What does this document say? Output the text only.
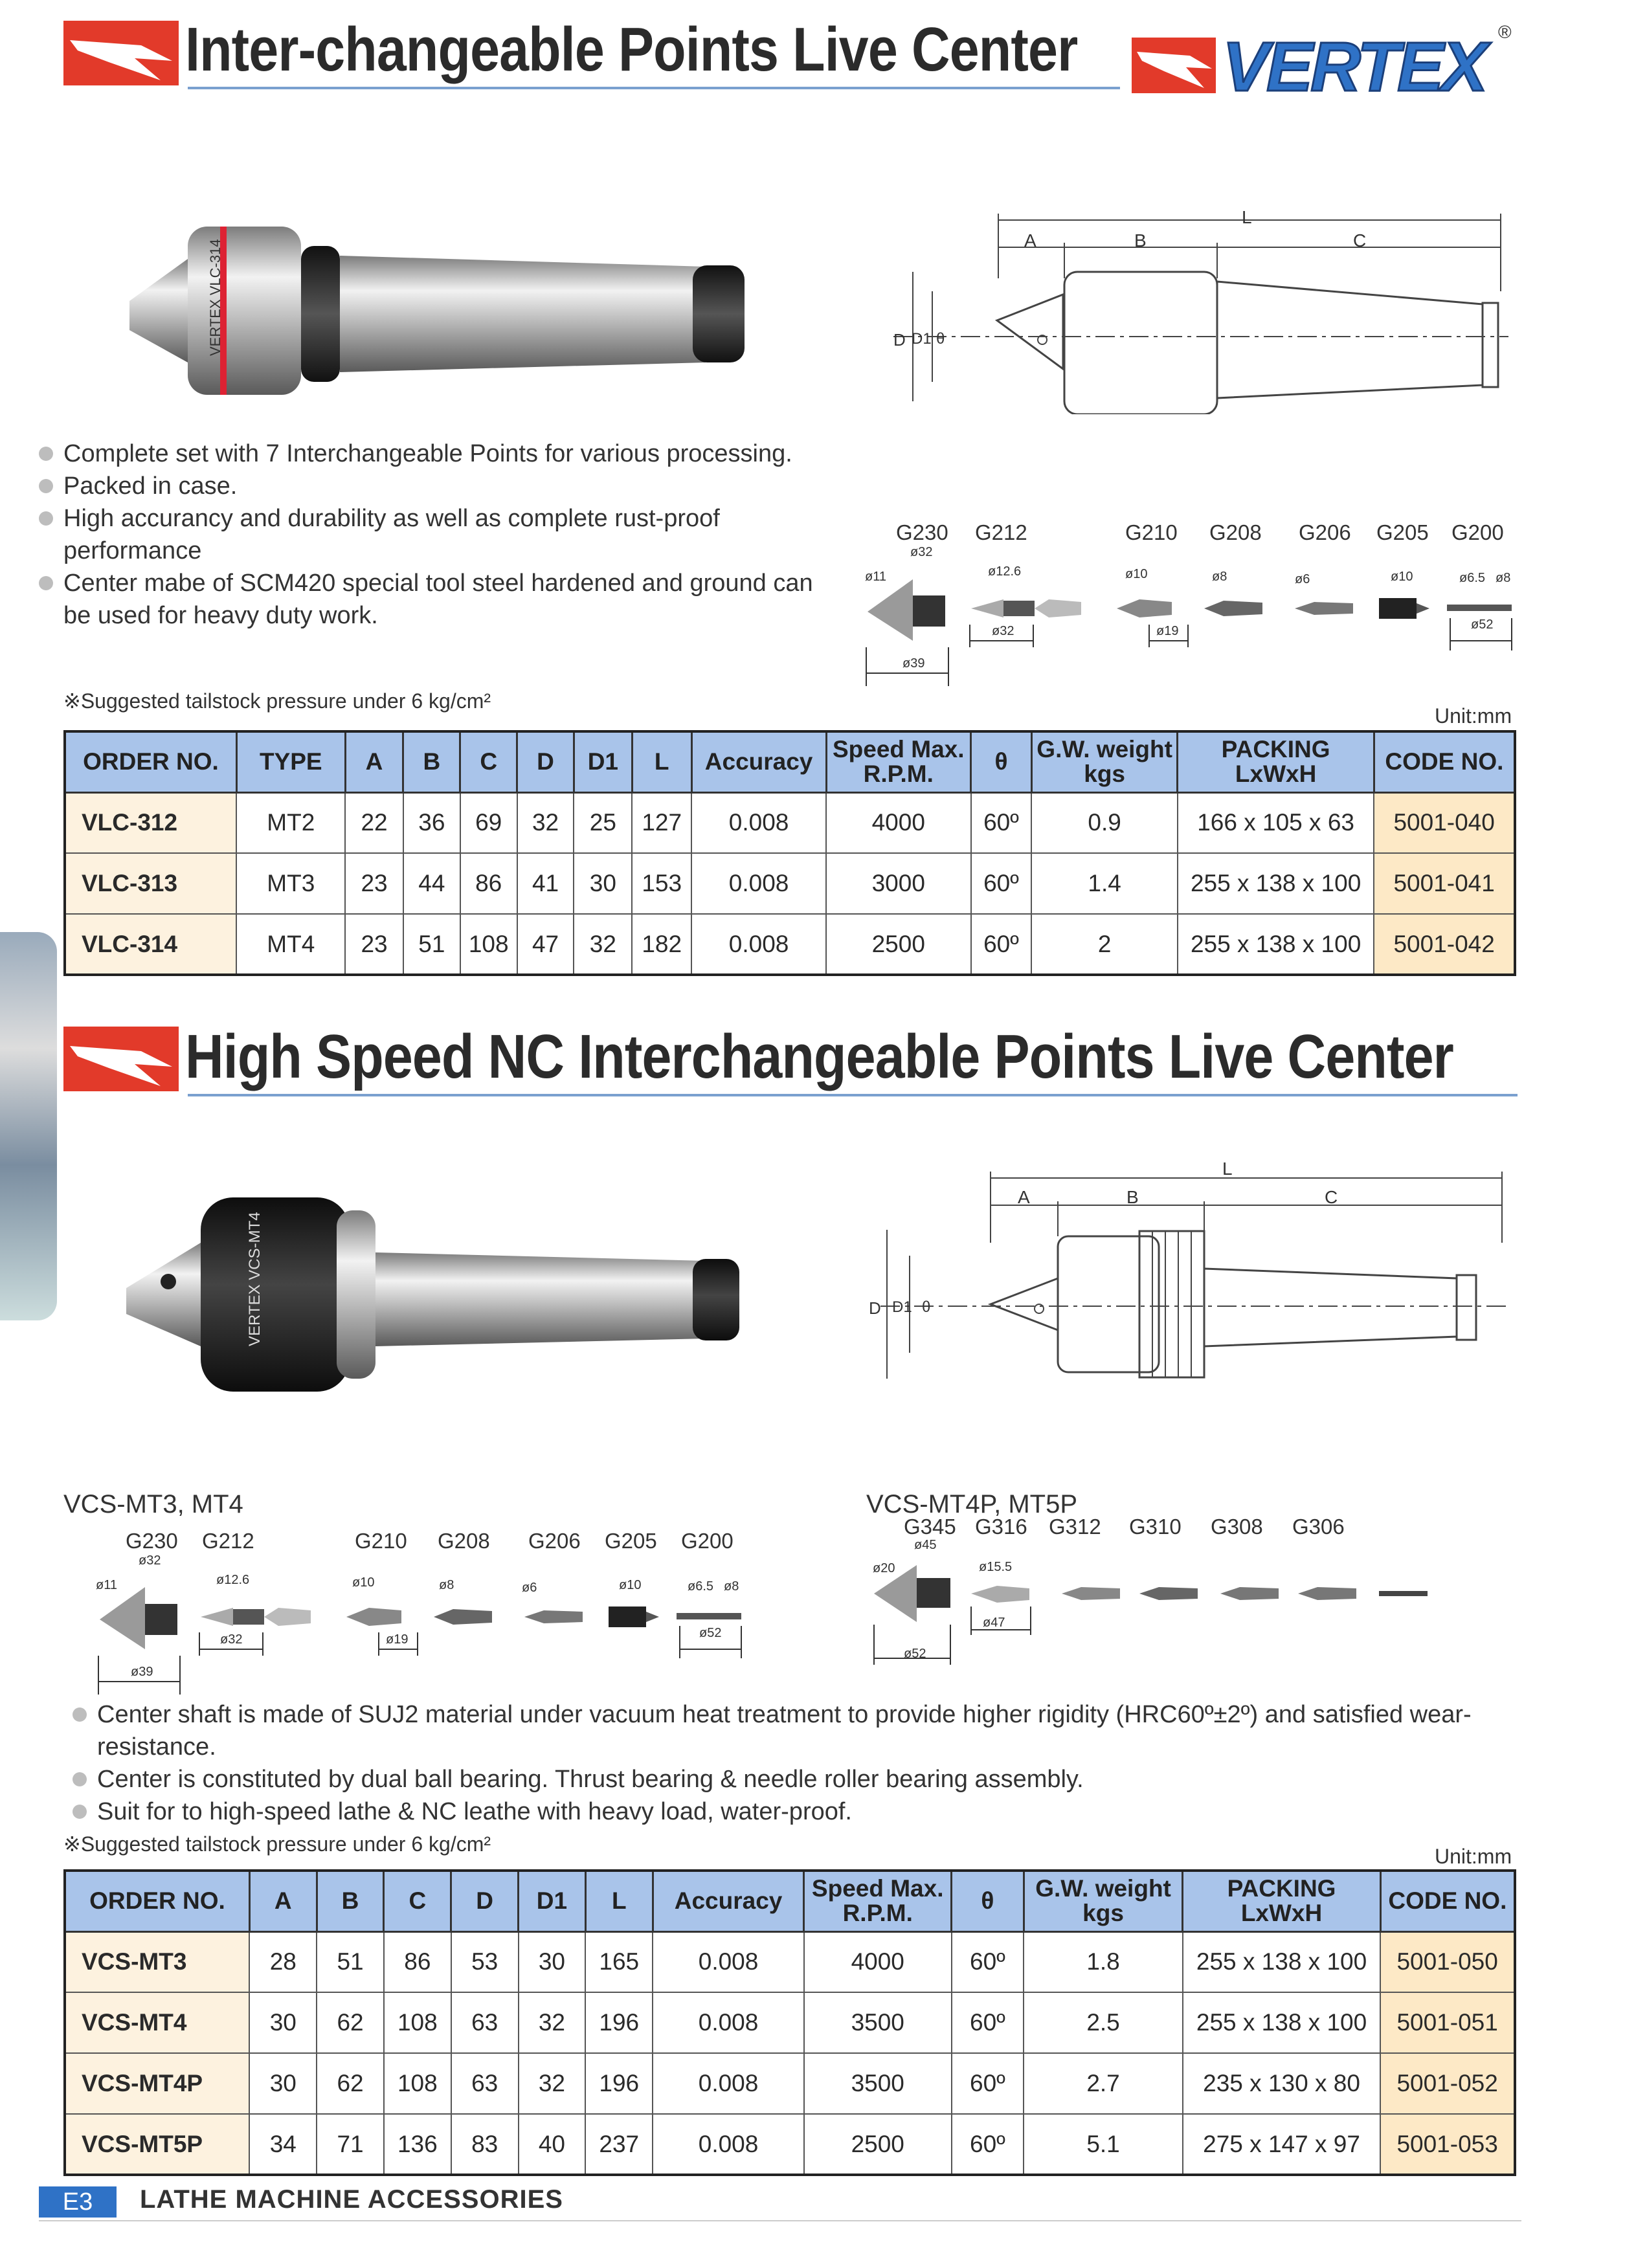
Inter-changeable Points Live Center VERTEX ®
VERTEX VLC-314
L
A	B	C
D D1 θ
Complete set with 7 Interchangeable Points for various processing.
Packed in case.
High accurancy and durability as well as complete rust-proof performance
Center mabe of SCM420 special tool steel hardened and ground can be used for heavy duty work.
※Suggested tailstock pressure under 6 kg/cm²
G230 G212	G210 G208 G206 G205 G200
ø32
ø11	ø12.6	ø10	ø8	ø6	ø10	ø6.5 ø8
ø32	ø19	ø52
ø39
Unit:mm
ORDER NO.	TYPE	A	B	C	D	D1	L	Accuracy	Speed Max. R.P.M.	θ	G.W. weight kgs	PACKING LxWxH	CODE NO.
VLC-312	MT2	22	36	69	32	25	127	0.008	4000	60º	0.9	166 x 105 x 63	5001-040
VLC-313	MT3	23	44	86	41	30	153	0.008	3000	60º	1.4	255 x 138 x 100	5001-041
VLC-314	MT4	23	51	108	47	32	182	0.008	2500	60º	2	255 x 138 x 100	5001-042
High Speed NC Interchangeable Points Live Center
VERTEX VCS-MT4
L
A	B	C
D D1 θ
VCS-MT3, MT4
G230 G212	G210 G208 G206 G205 G200
ø32
ø11	ø12.6	ø10	ø8	ø6	ø10	ø6.5 ø8
ø32	ø19	ø52
ø39
VCS-MT4P, MT5P
G345 G316 G312 G310 G308 G306
ø45
ø20	ø15.5
ø47
ø52
Center shaft is made of SUJ2 material under vacuum heat treatment to provide higher rigidity (HRC60º±2º) and satisfied wear-resistance.
Center is constituted by dual ball bearing. Thrust bearing & needle roller bearing assembly.
Suit for to high-speed lathe & NC leathe with heavy load, water-proof.
※Suggested tailstock pressure under 6 kg/cm²
Unit:mm
ORDER NO.	A	B	C	D	D1	L	Accuracy	Speed Max. R.P.M.	θ	G.W. weight kgs	PACKING LxWxH	CODE NO.
VCS-MT3	28	51	86	53	30	165	0.008	4000	60º	1.8	255 x 138 x 100	5001-050
VCS-MT4	30	62	108	63	32	196	0.008	3500	60º	2.5	255 x 138 x 100	5001-051
VCS-MT4P	30	62	108	63	32	196	0.008	3500	60º	2.7	235 x 130 x 80	5001-052
VCS-MT5P	34	71	136	83	40	237	0.008	2500	60º	5.1	275 x 147 x 97	5001-053
E3	LATHE MACHINE ACCESSORIES
